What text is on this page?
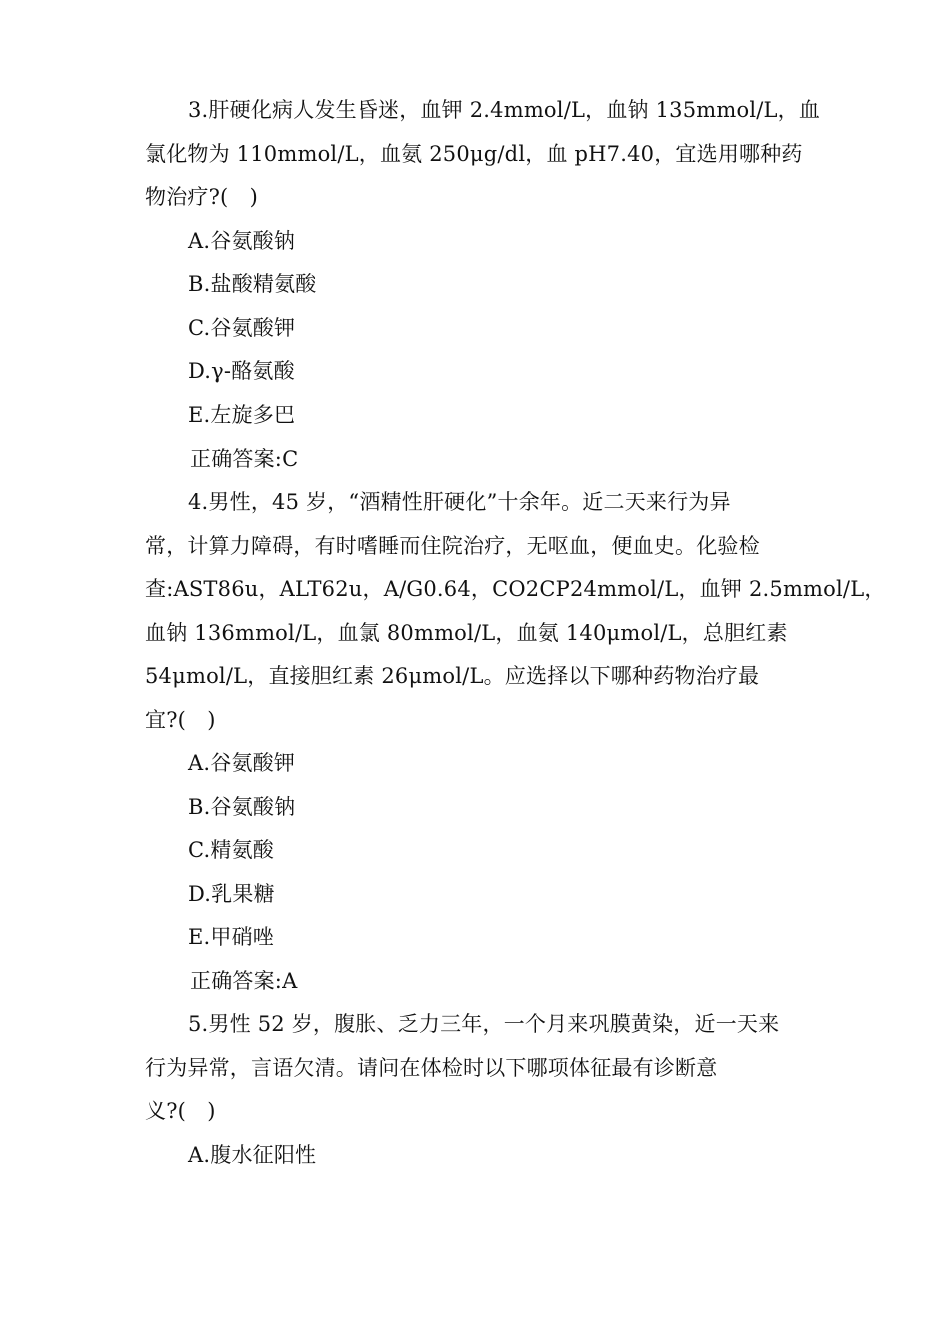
3.肝硬化病人发生昏迷，血钾 2.4mmol/L，血钠 135mmol/L，血
氯化物为 110mmol/L，血氨 250μg/dl，血 pH7.40，宜选用哪种药
物治疗?(　)
A.谷氨酸钠
B.盐酸精氨酸
C.谷氨酸钾
D.γ-酪氨酸
E.左旋多巴
正确答案:C
4.男性，45 岁，“酒精性肝硬化”十余年。近二天来行为异
常，计算力障碍，有时嗜睡而住院治疗，无呕血，便血史。化验检
查:AST86u，ALT62u，A/G0.64，CO2CP24mmol/L，血钾 2.5mmol/L，
血钠 136mmol/L，血氯 80mmol/L，血氨 140μmol/L，总胆红素
54μmol/L，直接胆红素 26μmol/L。应选择以下哪种药物治疗最
宜?(　)
A.谷氨酸钾
B.谷氨酸钠
C.精氨酸
D.乳果糖
E.甲硝唑
正确答案:A
5.男性 52 岁，腹胀、乏力三年，一个月来巩膜黄染，近一天来
行为异常，言语欠清。请问在体检时以下哪项体征最有诊断意
义?(　)
A.腹水征阳性
